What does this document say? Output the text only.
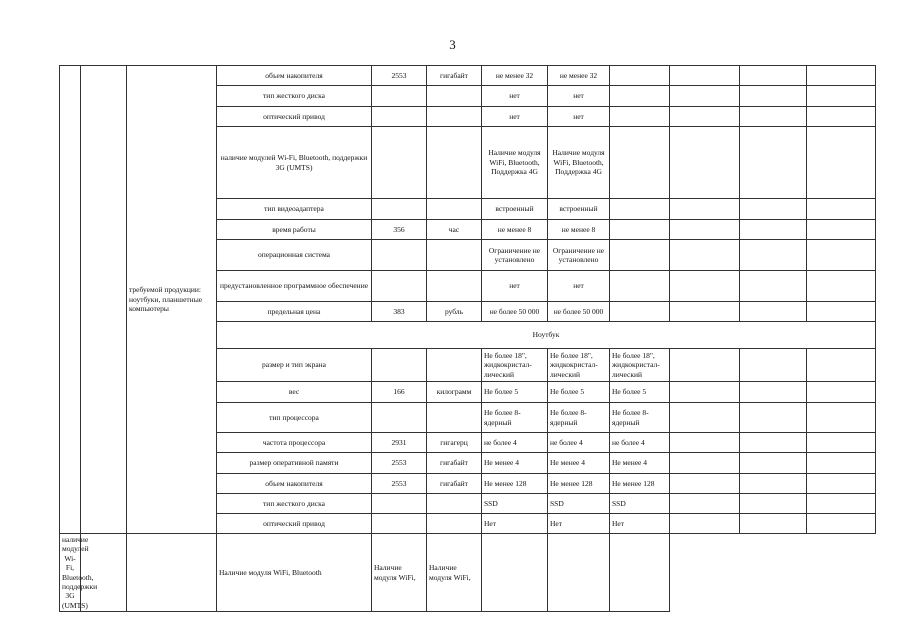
3
		требуемой продукции: ноутбуки, планшетные компьютеры	объем накопителя	2553	гигабайт	не менее 32	не менее 32				
			тип жесткого диска			нет	нет				
			оптический привод			нет	нет				
			наличие модулей Wi-Fi, Bluetooth, поддержки 3G (UMTS)			Наличие модуля WiFi, Bluetooth, Поддержка 4G	Наличие модуля WiFi, Bluetooth, Поддержка 4G				
			тип видеоадаптера			встроенный	встроенный				
			время работы	356	час	не менее 8	не менее 8				
			операционная система			Ограничение не установлено	Ограничение не установлено				
			предустановленное программное обеспечение			нет	нет				
			предельная цена	383	рубль	не более 50 000	не более 50 000				
			Ноутбук								
			размер и тип экрана			Не более 18", жидкокристал-лический	Не более 18", жидкокристал-лический	Не более 18", жидкокристал-лический			
			вес	166	килограмм	Не более 5	Не более 5	Не более 5			
			тип процессора			Не более 8-ядерный	Не более 8-ядерный	Не более 8-ядерный			
			частота процессора	2931	гигагерц	не более 4	не более 4	не более 4			
			размер оперативной памяти	2553	гигабайт	Не менее 4	Не менее 4	Не менее 4			
			объем накопителя	2553	гигабайт	Не менее 128	Не менее 128	Не менее 128			
			тип жесткого диска			SSD	SSD	SSD			
			оптический привод			Нет	Нет	Нет			
наличие модулей Wi-Fi, Bluetooth, поддержки 3G (UMTS)			Наличие модуля WiFi, Bluetooth	Наличие модуля WiFi,	Наличие модуля WiFi,						
